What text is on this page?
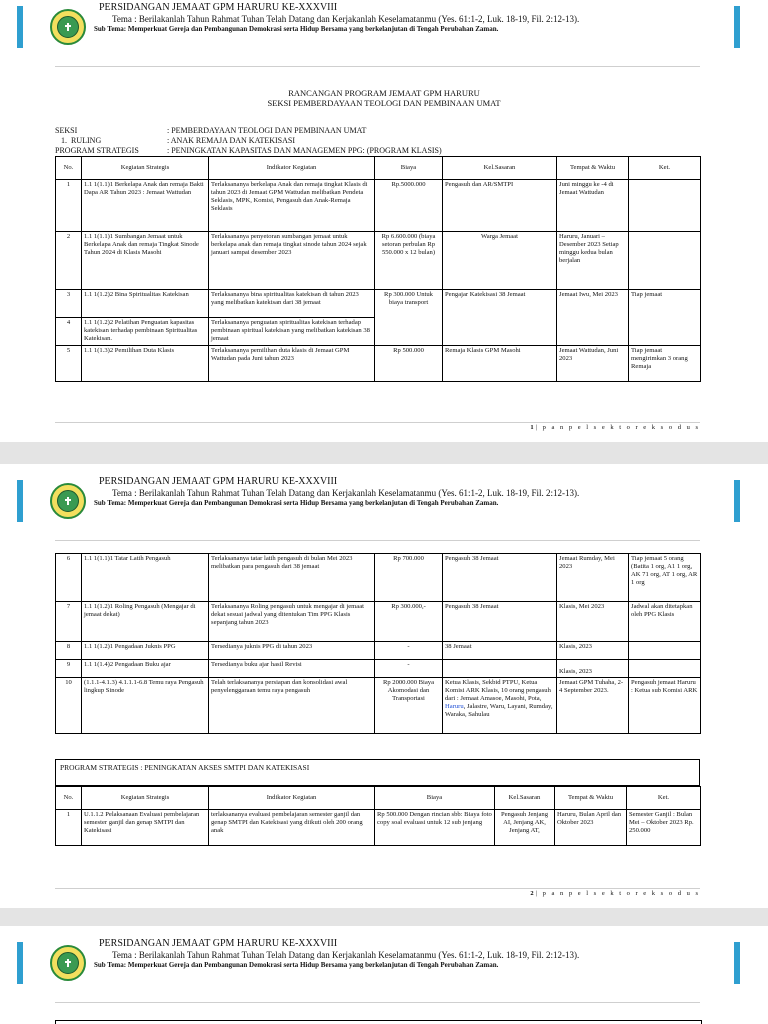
PERSIDANGAN JEMAAT GPM HARURU KE-XXXVIII
Tema : Berilakanlah Tahun Rahmat Tuhan Telah Datang dan Kerjakanlah Keselamatanmu (Yes. 61:1-2, Luk. 18-19, Fil. 2:12-13).
Sub Tema: Memperkuat Gereja dan Pembangunan Demokrasi serta Hidup Bersama yang berkelanjutan di Tengah Perubahan Zaman.
RANCANGAN PROGRAM JEMAAT GPM HARURU
SEKSI PEMBERDAYAAN TEOLOGI DAN PEMBINAAN UMAT
SEKSI	: PEMBERDAYAAN TEOLOGI DAN PEMBINAAN UMAT
1.  RULING	: ANAK REMAJA DAN KATEKISASI
PROGRAM STRATEGIS	: PENINGKATAN KAPASITAS DAN MANAGEMEN PPG: (PROGRAM KLASIS)
No.	Kegiatan Strategis	Indikator Kegiatan	Biaya	Kel.Sasaran	Tempat & Waktu	Ket.
1	1.1 1(1.1)1 Berkelapa Anak dan remaja Bakti Dapa AR Tahun 2023 : Jemaat Wattudan	Terlaksananya berkelapa Anak dan remaja tingkat Klasis di tahun 2023 di Jemaat GPM Wattudan melibatkan Pendeta Seklasis, MPK, Komisi, Pengasuh dan Anak-Remaja Seklasis	Rp.5000.000	Pengasuh dan AR/SMTPI	Juni minggu ke -4 di Jemaat Wattudan	
2	1.1 1(1.1)1 Sumbangan Jemaat untuk Berkelapa Anak dan remaja Tingkat Sinode Tahun 2024 di Klasis Masohi	Terlaksananya penyetoran sumbangan jemaat untuk berkelapa anak dan remaja tingkat sinode tahun 2024 sejak januari sampai desember 2023	Rp 6.600.000 (biaya setoran perbulan Rp 550.000 x 12 bulan)	Warga Jemaat	Haruru, Januari – Desember 2023 Setiap minggu kedua bulan berjalan	
3	1.1 1(1.2)2 Bina Spiritualitas Katekisan	Terlaksananya bina spiritualitas katekisan di tahun 2023 yang melibatkan katekisan dari 38 jemaat	Rp 300.000 Untuk biaya transport	Pengajar Katekisasi 38 Jemaat	Jemaat Iwu, Mei 2023	Tiap jemaat
4	1.1 1(1.2)2 Pelatihan Penguatan kapasitas katekisan terhadap pembinaan Spiritualitas Katekisan.	Terlaksananya penguatan spiritualitas katekisan terhadap pembinaan spiritual katekisan yang melibatkan katekisan 38 jemaat				
5	1.1 1(1.3)2 Pemilihan Duta Klasis	Terlaksananya pemilihan duta klasis di Jemaat GPM Wattudan pada Juni tahun 2023	Rp 500.000	Remaja Klasis GPM Masohi	Jemaat Wattudan, Juni 2023	Tiap jemaat mengirimkan 3 orang Remaja
1 | p a n p e l s e k t o r e k s o d u s
PERSIDANGAN JEMAAT GPM HARURU KE-XXXVIII
Tema : Berilakanlah Tahun Rahmat Tuhan Telah Datang dan Kerjakanlah Keselamatanmu (Yes. 61:1-2, Luk. 18-19, Fil. 2:12-13).
Sub Tema: Memperkuat Gereja dan Pembangunan Demokrasi serta Hidup Bersama yang berkelanjutan di Tengah Perubahan Zaman.
6	1.1 1(1.1)1 Tatar Latih Pengasuh	Terlaksananya tatar latih pengasuh di bulan Mei 2023 melibatkan para pengasuh dari 38 jemaat	Rp 700.000	Pengasuh 38 Jemaat	Jemaat Rumday, Mei 2023	Tiap jemaat 5 orang (Batita 1 org, A1 1 org, AK 71 org, AT 1 org, AR 1 org
7	1.1 1(1.2)1 Roling Pengasuh (Mengajar di jemaat dekat)	Terlaksananya Roling pengasuh untuk mengajar di jemaat dekat sesuai jadwal yang ditentukan Tim PPG Klasis sepanjang tahun 2023	Rp 300.000,-	Pengasuh 38 Jemaat	Klasis, Mei 2023	Jadwal akan ditetapkan oleh PPG Klasis
8	1.1 1(1.2)1 Pengadaan Juknis PPG	Tersedianya juknis PPG di tahun 2023	-	38 Jemaat	Klasis, 2023	
9	1.1 1(1.4)2 Pengadaan Buku ajar	Tersedianya buku ajar hasil Revisi	-		Klasis, 2023	
10	(1.1.1-4.1.3) 4.1.1.1-6.8 Temu raya Pengasuh lingkup Sinode	Telah terlaksananya persiapan dan konsolidasi awal penyelenggaraan temu raya pengasuh	Rp 2000.000 Biaya Akomodasi dan Transportasi	Ketua Klasis, Sekbid PTPU, Ketua Komisi ARK Klasis, 10 orang pengasuh dari : Jemaat Amasoe, Masohi, Pota, Haruru, Jalastre, Waru, Layani, Rumday, Waraka, Sahulau	Jemaat GPM Tuhaha, 2- 4 September 2023.	Pengasuh jemaat Haruru : Ketua sub Komisi ARK
PROGRAM STRATEGIS : PENINGKATAN AKSES SMTPI DAN KATEKISASI
No.	Kegiatan Strategis	Indikator Kegiatan	Biaya	Kel.Sasaran	Tempat & Waktu	Ket.
1	U.1.1.2 Pelaksanaan Evaluasi pembelajaran semester ganjil dan genap SMTPI dan Katekisasi	terlaksananya evaluasi pembelajaran semester ganjil dan genap SMTPI dan Katekisasi yang diikuti oleh 200 orang anak	Rp 500.000 Dengan rincian sbb: Biaya foto copy soal evaluasi untuk 12 sub jenjang	Pengasuh Jenjang AI, Jenjang AK, Jenjang AT,	Haruru, Bulan April dan Oktober 2023	Semester Ganjil : Bulan Mei – Oktober 2023 Rp. 250.000
2 | p a n p e l s e k t o r e k s o d u s
PERSIDANGAN JEMAAT GPM HARURU KE-XXXVIII
Tema : Berilakanlah Tahun Rahmat Tuhan Telah Datang dan Kerjakanlah Keselamatanmu (Yes. 61:1-2, Luk. 18-19, Fil. 2:12-13).
Sub Tema: Memperkuat Gereja dan Pembangunan Demokrasi serta Hidup Bersama yang berkelanjutan di Tengah Perubahan Zaman.
